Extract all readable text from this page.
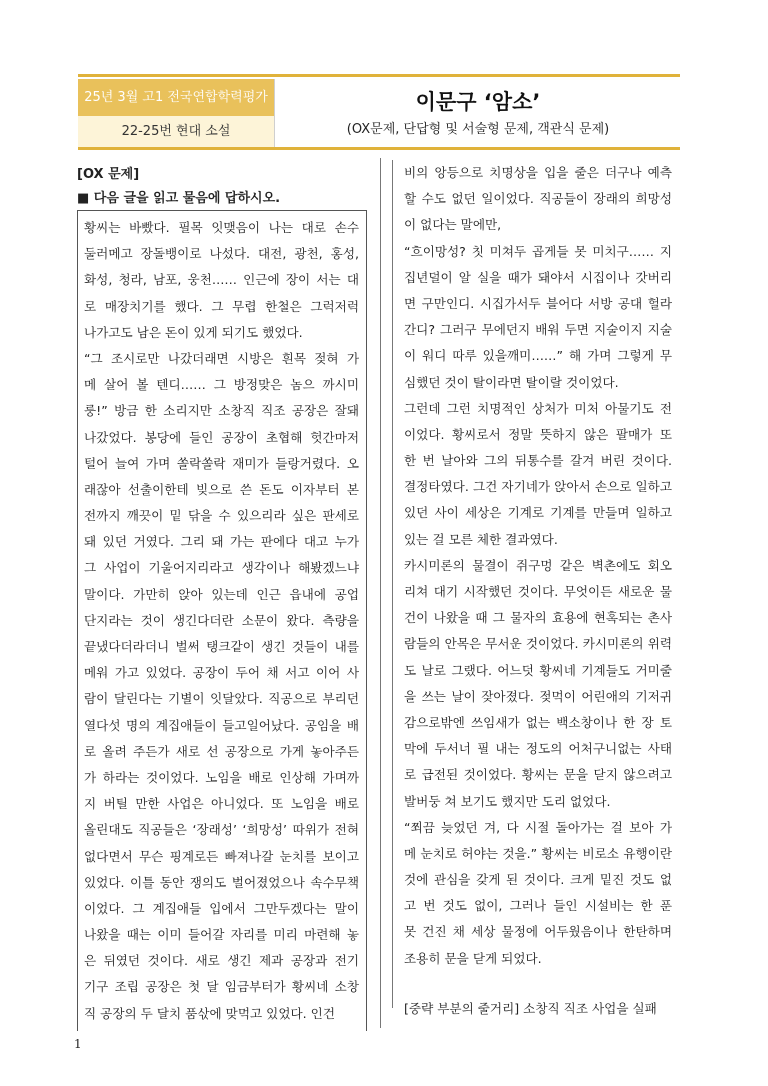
25년 3월 고1 전국연합학력평가
22-25번 현대 소설
이문구 ‘암소’
(OX문제, 단답형 및 서술형 문제, 객관식 문제)
[OX 문제]
■ 다음 글을 읽고 물음에 답하시오.
황씨는 바빴다. 필목 잇맺음이 나는 대로 손수
둘러메고 장돌뱅이로 나섰다. 대전, 광천, 홍성,
화성, 청라, 남포, 웅천…… 인근에 장이 서는 대
로 매장치기를 했다. 그 무렵 한철은 그럭저럭
나가고도 남은 돈이 있게 되기도 했었다.
“그 조시로만 나갔더래면 시방은 흰목 젖혀 가
메 살어 볼 텐디…… 그 방정맞은 놈으 까시미
룽!” 방금 한 소리지만 소창직 직조 공장은 잘돼
나갔었다. 봉당에 들인 공장이 초협해 헛간마저
털어 늘여 가며 쏠락쏠락 재미가 들랑거렸다. 오
래잖아 선출이한테 빚으로 쓴 돈도 이자부터 본
전까지 깨끗이 밑 닦을 수 있으리라 싶은 판세로
돼 있던 거였다. 그리 돼 가는 판에다 대고 누가
그 사업이 기울어지리라고 생각이나 해봤겠느냐
말이다. 가만히 앉아 있는데 인근 읍내에 공업
단지라는 것이 생긴다더란 소문이 왔다. 측량을
끝냈다더라더니 벌써 탱크같이 생긴 것들이 내를
메워 가고 있었다. 공장이 두어 채 서고 이어 사
람이 달린다는 기별이 잇달았다. 직공으로 부리던
열다섯 명의 계집애들이 들고일어났다. 공임을 배
로 올려 주든가 새로 선 공장으로 가게 놓아주든
가 하라는 것이었다. 노임을 배로 인상해 가며까
지 버틸 만한 사업은 아니었다. 또 노임을 배로
올린대도 직공들은 ‘장래성’ ‘희망성’ 따위가 전혀
없다면서 무슨 핑계로든 빠져나갈 눈치를 보이고
있었다. 이틀 동안 쟁의도 벌어졌었으나 속수무책
이었다. 그 계집애들 입에서 그만두겠다는 말이
나왔을 때는 이미 들어갈 자리를 미리 마련해 놓
은 뒤였던 것이다. 새로 생긴 제과 공장과 전기
기구 조립 공장은 첫 달 임금부터가 황씨네 소창
직 공장의 두 달치 품삯에 맞먹고 있었다. 인건
비의 앙등으로 치명상을 입을 줄은 더구나 예측
할 수도 없던 일이었다. 직공들이 장래의 희망성
이 없다는 말에만,
“흐이망성? 칫 미쳐두 곱게들 못 미치구…… 지
집년덜이 알 실을 때가 돼야서 시집이나 갓버리
면 구만인디. 시집가서두 블어다 서방 공대 헐라
간디? 그러구 무에던지 배워 두면 지술이지 지술
이 워디 따루 있을깨미……” 해 가며 그렇게 무
심했던 것이 탈이라면 탈이랄 것이었다.
그런데 그런 치명적인 상처가 미처 아물기도 전
이었다. 황씨로서 정말 뜻하지 않은 팔매가 또
한 번 날아와 그의 뒤통수를 갈겨 버린 것이다.
결정타였다. 그건 자기네가 앉아서 손으로 일하고
있던 사이 세상은 기계로 기계를 만들며 일하고
있는 걸 모른 체한 결과였다.
카시미론의 물결이 쥐구멍 같은 벽촌에도 회오
리쳐 대기 시작했던 것이다. 무엇이든 새로운 물
건이 나왔을 때 그 물자의 효용에 현혹되는 촌사
람들의 안목은 무서운 것이었다. 카시미론의 위력
도 날로 그랬다. 어느덧 황씨네 기계들도 거미줄
을 쓰는 날이 잦아졌다. 젖먹이 어린애의 기저귀
감으로밖엔 쓰임새가 없는 백소창이나 한 장 토
막에 두서너 필 내는 정도의 어처구니없는 사태
로 급전된 것이었다. 황씨는 문을 닫지 않으려고
발버둥 쳐 보기도 했지만 도리 없었다.
“쬐끔 늦었던 겨, 다 시절 돌아가는 걸 보아 가
메 눈치로 허야는 것을.” 황씨는 비로소 유행이란
것에 관심을 갖게 된 것이다. 크게 밑진 것도 없
고 번 것도 없이, 그러나 들인 시설비는 한 푼
못 건진 채 세상 물정에 어두웠음이나 한탄하며
조용히 문을 닫게 되었다.
[중략 부분의 줄거리] 소창직 직조 사업을 실패
1
